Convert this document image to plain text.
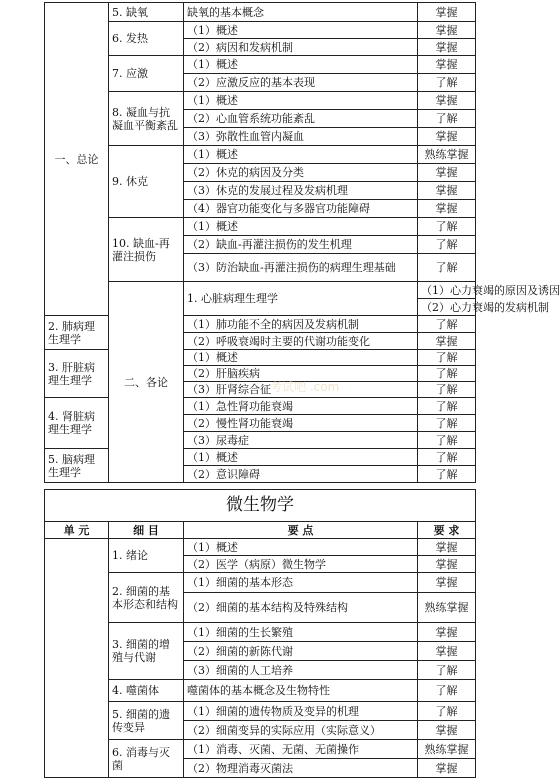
一、总论	5. 缺氧	缺氧的基本概念	掌握	
	6. 发热	（1）概述	掌握	
		（2）病因和发病机制	掌握	
	7. 应激	（1）概述	掌握	
		（2）应激反应的基本表现	了解	
	8. 凝血与抗凝血平衡紊乱	（1）概述	掌握	
		（2）心血管系统功能紊乱	了解	
		（3）弥散性血管内凝血	掌握	
	9. 休克	（1）概述	熟练掌握	
		（2）休克的病因及分类	掌握	
		（3）休克的发展过程及发病机理	掌握	
		（4）器官功能变化与多器官功能障碍	掌握	
	10. 缺血-再灌注损伤	（1）概述	了解	
		（2）缺血-再灌注损伤的发生机理	了解	
		（3）防治缺血-再灌注损伤的病理生理基础	了解	
	二、各论	1. 心脏病理生理学	（1）心力衰竭的原因及诱因	
			（2）心力衰竭的发病机制	
2. 肺病理生理学		（1）肺功能不全的病因及发病机制	了解	
		（2）呼吸衰竭时主要的代谢功能变化	掌握	
3. 肝脏病理生理学		（1）概述	了解	
		（2）肝脑疾病	了解	
		（3）肝肾综合征	了解	
4. 肾脏病理生理学		（1）急性肾功能衰竭	了解	
		（2）慢性肾功能衰竭	了解	
		（3）尿毒症	了解	
5. 脑病理生理学		（1）概述	了解	
		（2）意识障碍	了解	
考试吧 .com
微生物学
单 元	细 目	要 点	要 求
	1. 绪论	（1）概述	掌握
		（2）医学（病原）微生物学	掌握
	2. 细菌的基本形态和结构	（1）细菌的基本形态	掌握
		（2）细菌的基本结构及特殊结构	熟练掌握
	3. 细菌的增殖与代谢	（1）细菌的生长繁殖	掌握
		（2）细菌的新陈代谢	掌握
		（3）细菌的人工培养	了解
	4. 噬菌体	噬菌体的基本概念及生物特性	了解
	5. 细菌的遗传变异	（1）细菌的遗传物质及变异的机理	了解
		（2）细菌变异的实际应用（实际意义）	掌握
	6. 消毒与灭菌	（1）消毒、灭菌、无菌、无菌操作	熟练掌握
		（2）物理消毒灭菌法	掌握
